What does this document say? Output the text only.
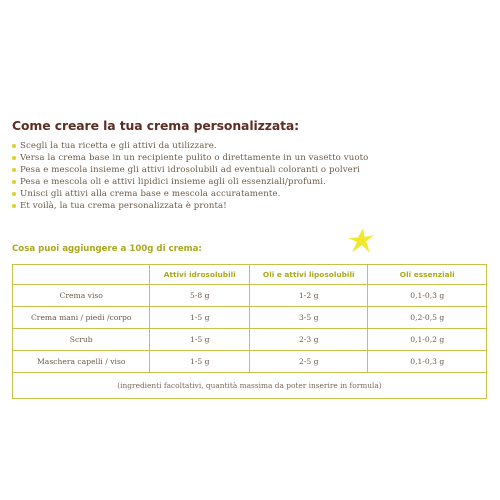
Come creare la tua crema personalizzata:
Scegli la tua ricetta e gli attivi da utilizzare.
Versa la crema base in un recipiente pulito o direttamente in un vasetto vuoto
Pesa e mescola insieme gli attivi idrosolubili ad eventuali coloranti o polveri
Pesa e mescola oli e attivi lipidici insieme agli oli essenziali/profumi.
Unisci gli attivi alla crema base e mescola accuratamente.
Et voilà, la tua crema personalizzata è pronta!
Cosa puoi aggiungere a 100g di crema:
	Attivi idrosolubili	Oli e attivi liposolubili	Oli essenziali
Crema viso	5-8 g	1-2 g	0,1-0,3 g
Crema mani / piedi /corpo	1-5 g	3-5 g	0,2-0,5 g
Scrub	1-5 g	2-3 g	0,1-0,2 g
Maschera capelli / viso	1-5 g	2-5 g	0,1-0,3 g
(ingredienti facoltativi, quantità massima da poter inserire in formula)			
